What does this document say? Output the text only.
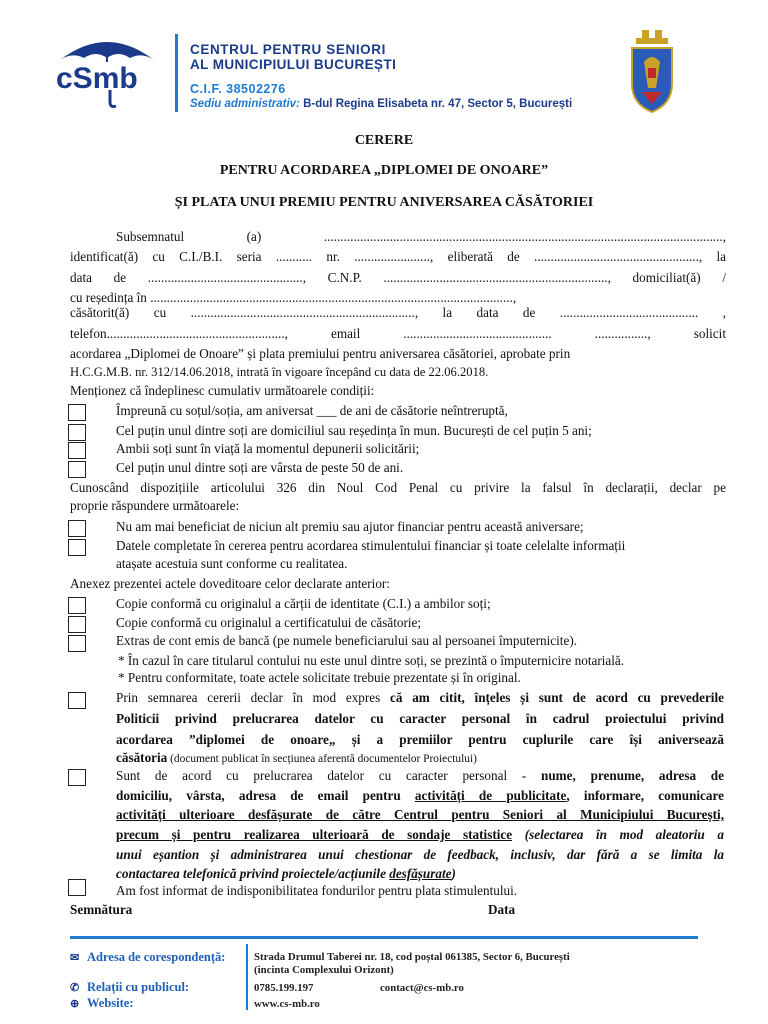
cSmb
CENTRUL PENTRU SENIORI
AL MUNICIPIULUI BUCUREȘTI
C.I.F. 38502276
Sediu administrativ: B-dul Regina Elisabeta nr. 47, Sector 5, București
CERERE
PENTRU ACORDAREA „DIPLOMEI DE ONOARE”
ȘI PLATA UNUI PREMIU PENTRU ANIVERSAREA CĂSĂTORIEI
Subsemnatul (a) .........................................................................................................................,
identificat(ă) cu C.I./B.I. seria ........... nr. ......................., eliberată de .................................................., la
data de ..............................................., C.N.P. ...................................................................., domiciliat(ă) /
cu reședința în ..............................................................................................................,
căsătorit(ă) cu ...................................................................., la data de .......................................... ,
telefon......................................................, email ............................................. ................, solicit
acordarea „Diplomei de Onoare” și plata premiului pentru aniversarea căsătoriei, aprobate prin
H.C.G.M.B. nr. 312/14.06.2018, intrată în vigoare începând cu data de 22.06.2018.
Menționez că îndeplinesc cumulativ următoarele condiții:
Împreună cu soțul/soția, am aniversat ___ de ani de căsătorie neîntreruptă,
Cel puțin unul dintre soți are domiciliul sau reședința în mun. București de cel puțin 5 ani;
Ambii soți sunt în viață la momentul depunerii solicitării;
Cel puțin unul dintre soți are vârsta de peste 50 de ani.
Cunoscând dispozițiile articolului 326 din Noul Cod Penal cu privire la falsul în declarații, declar pe
proprie răspundere următoarele:
Nu am mai beneficiat de niciun alt premiu sau ajutor financiar pentru această aniversare;
Datele completate în cererea pentru acordarea stimulentului financiar și toate celelalte informații
atașate acestuia sunt conforme cu realitatea.
Anexez prezentei actele doveditoare celor declarate anterior:
Copie conformă cu originalul a cărții de identitate (C.I.) a ambilor soți;
Copie conformă cu originalul a certificatului de căsătorie;
Extras de cont emis de bancă (pe numele beneficiarului sau al persoanei împuternicite).
* În cazul în care titularul contului nu este unul dintre soți, se prezintă o împuternicire notarială.
* Pentru conformitate, toate actele solicitate trebuie prezentate și în original.
Prin semnarea cererii declar în mod expres că am citit, înțeles și sunt de acord cu prevederile
Politicii privind prelucrarea datelor cu caracter personal în cadrul proiectului privind
acordarea ”diplomei de onoare„ și a premiilor pentru cuplurile care își aniversează
căsătoria (document publicat în secțiunea aferentă documentelor Proiectului)
Sunt de acord cu prelucrarea datelor cu caracter personal - nume, prenume, adresa de
domiciliu, vârsta, adresa de email pentru activități de publicitate, informare, comunicare
activități ulterioare desfășurate de către Centrul pentru Seniori al Municipiului București,
precum și pentru realizarea ulterioară de sondaje statistice (selectarea în mod aleatoriu a
unui eșantion și administrarea unui chestionar de feedback, inclusiv, dar fără a se limita la
contactarea telefonică privind proiectele/acțiunile desfășurate)
Am fost informat de indisponibilitatea fondurilor pentru plata stimulentului.
Semnătura	Data
✉ Adresa de corespondență:	Strada Drumul Taberei nr. 18, cod poștal 061385, Sector 6, București
(incinta Complexului Orizont)
✆ Relații cu publicul:	0785.199.197	contact@cs-mb.ro
⊕ Website:	www.cs-mb.ro
